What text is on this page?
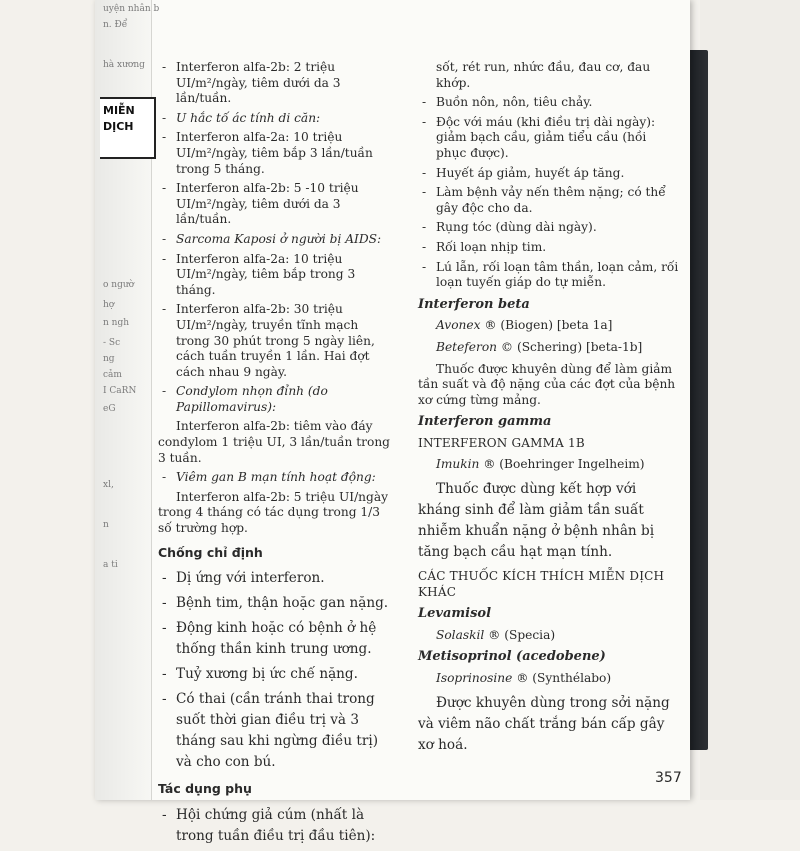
uyện nhân b
n. Để
hà xương
o ngườ
hợ
n ngh
- Sc
ng
cảm
I CaRN
eG
xl,
n
a ti
MIỄN DỊCH
- Interferon alfa-2b: 2 triệu UI/m²/ngày, tiêm dưới da 3 lần/tuần.
- U hắc tố ác tính di căn:
- Interferon alfa-2a: 10 triệu UI/m²/ngày, tiêm bắp 3 lần/tuần trong 5 tháng.
- Interferon alfa-2b: 5 -10 triệu UI/m²/ngày, tiêm dưới da 3 lần/tuần.
- Sarcoma Kaposi ở người bị AIDS:
- Interferon alfa-2a: 10 triệu UI/m²/ngày, tiêm bắp trong 3 tháng.
- Interferon alfa-2b: 30 triệu UI/m²/ngày, truyền tĩnh mạch trong 30 phút trong 5 ngày liên, cách tuần truyền 1 lần. Hai đợt cách nhau 9 ngày.
- Condylom nhọn đỉnh (do Papillomavirus):
Interferon alfa-2b: tiêm vào đáy condylom 1 triệu UI, 3 lần/tuần trong 3 tuần.
- Viêm gan B mạn tính hoạt động:
Interferon alfa-2b: 5 triệu UI/ngày trong 4 tháng có tác dụng trong 1/3 số trường hợp.
Chống chỉ định
- Dị ứng với interferon.
- Bệnh tim, thận hoặc gan nặng.
- Động kinh hoặc có bệnh ở hệ thống thần kinh trung ương.
- Tuỷ xương bị ức chế nặng.
- Có thai (cần tránh thai trong suốt thời gian điều trị và 3 tháng sau khi ngừng điều trị) và cho con bú.
Tác dụng phụ
- Hội chứng giả cúm (nhất là trong tuần điều trị đầu tiên):
sốt, rét run, nhức đầu, đau cơ, đau khớp.
- Buồn nôn, nôn, tiêu chảy.
- Độc với máu (khi điều trị dài ngày): giảm bạch cầu, giảm tiểu cầu (hồi phục được).
- Huyết áp giảm, huyết áp tăng.
- Làm bệnh vảy nến thêm nặng; có thể gây độc cho da.
- Rụng tóc (dùng dài ngày).
- Rối loạn nhịp tim.
- Lú lẫn, rối loạn tâm thần, loạn cảm, rối loạn tuyến giáp do tự miễn.
Interferon beta
Avonex ® (Biogen) [beta 1a]
Beteferon © (Schering) [beta-1b]
Thuốc được khuyên dùng để làm giảm tần suất và độ nặng của các đợt của bệnh xơ cứng từng mảng.
Interferon gamma
INTERFERON GAMMA 1B
Imukin ® (Boehringer Ingelheim)
Thuốc được dùng kết hợp với kháng sinh để làm giảm tần suất nhiễm khuẩn nặng ở bệnh nhân bị tăng bạch cầu hạt mạn tính.
CÁC THUỐC KÍCH THÍCH MIỄN DỊCH KHÁC
Levamisol
Solaskil ® (Specia)
Metisoprinol (acedobene)
Isoprinosine ® (Synthélabo)
Được khuyên dùng trong sởi nặng và viêm não chất trắng bán cấp gây xơ hoá.
357
